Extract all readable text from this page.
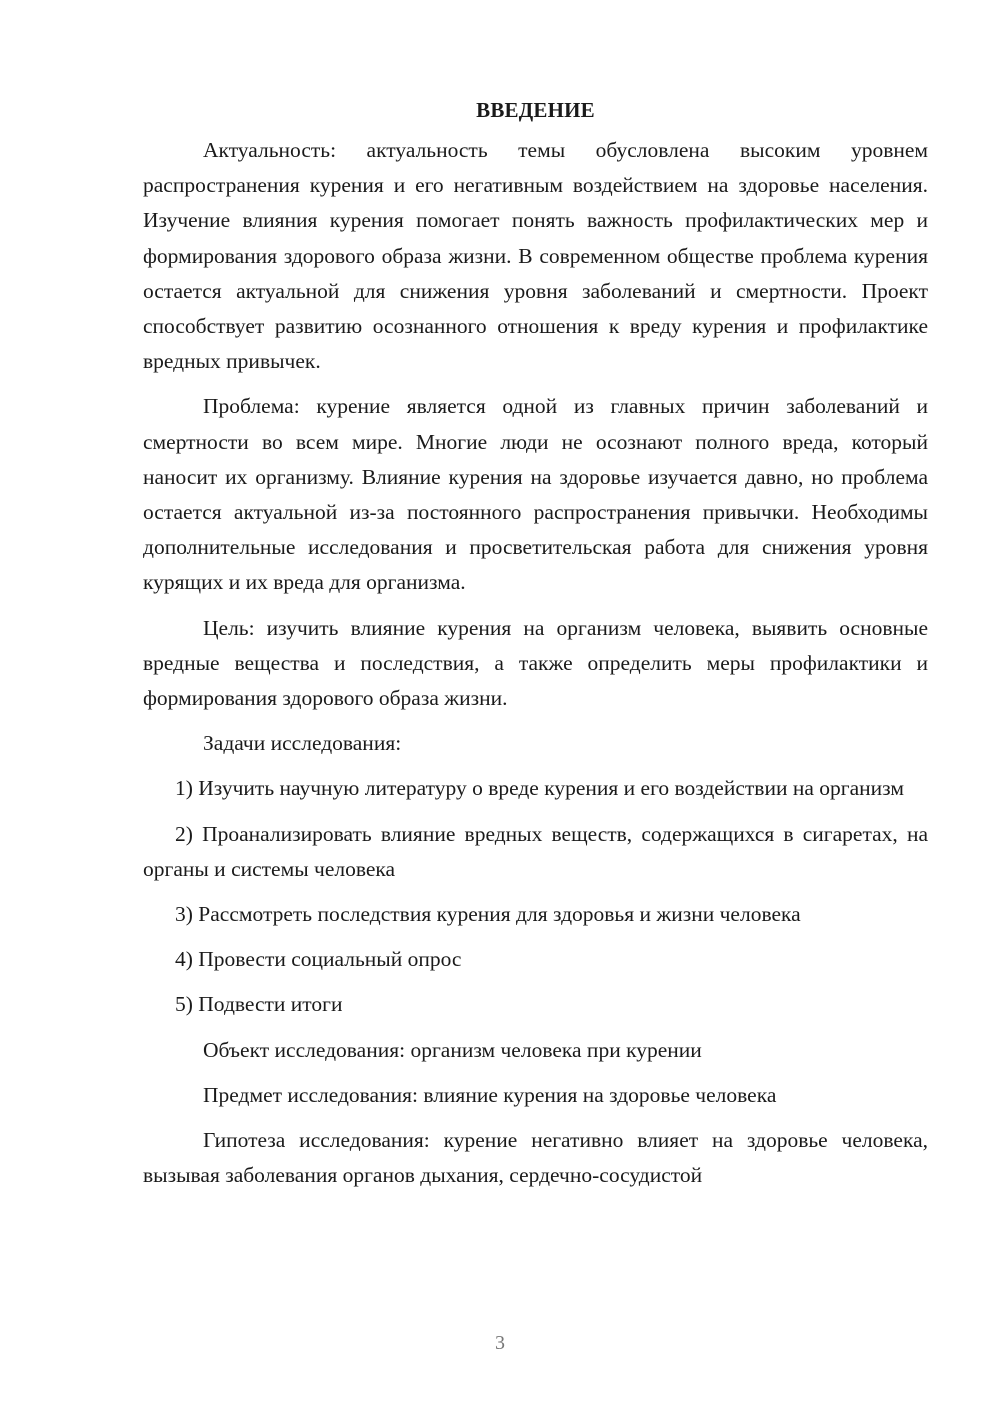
ВВЕДЕНИЕ

Актуальность: актуальность темы обусловлена высоким уровнем распространения курения и его негативным воздействием на здоровье населения. Изучение влияния курения помогает понять важность профилактических мер и формирования здорового образа жизни. В современном обществе проблема курения остается актуальной для снижения уровня заболеваний и смертности. Проект способствует развитию осознанного отношения к вреду курения и профилактике вредных привычек.

Проблема: курение является одной из главных причин заболеваний и смертности во всем мире. Многие люди не осознают полного вреда, который наносит их организму. Влияние курения на здоровье изучается давно, но проблема остается актуальной из-за постоянного распространения привычки. Необходимы дополнительные исследования и просветительская работа для снижения уровня курящих и их вреда для организма.

Цель: изучить влияние курения на организм человека, выявить основные вредные вещества и последствия, а также определить меры профилактики и формирования здорового образа жизни.

Задачи исследования:

1) Изучить научную литературу о вреде курения и его воздействии на организм

2) Проанализировать влияние вредных веществ, содержащихся в сигаретах, на органы и системы человека

3) Рассмотреть последствия курения для здоровья и жизни человека

4) Провести социальный опрос

5) Подвести итоги

Объект исследования: организм человека при курении

Предмет исследования: влияние курения на здоровье человека

Гипотеза исследования: курение негативно влияет на здоровье человека, вызывая заболевания органов дыхания, сердечно-сосудистой

3
